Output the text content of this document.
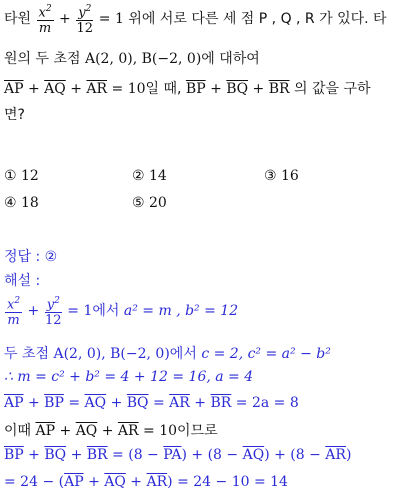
타원 $\frac{x^2}{m} + \frac{y^2}{12} = 1$ 위에 서로 다른 세 점 P , Q , R 가 있다. 타
원의 두 초점 A(2, 0), B(−2, 0)에 대하여
$\overline{AP} + \overline{AQ} + \overline{AR} = 10$일 때, $\overline{BP} + \overline{BQ} + \overline{BR}$ 의 값을 구하
면?
① 12	② 14	③ 16
④ 18	⑤ 20
정답 : ②
해설 :
$\frac{x^2}{m} + \frac{y^2}{12} = 1$에서 a² = m , b² = 12
두 초점 A(2, 0), B(−2, 0)에서 c = 2, c² = a² − b²
∴ m = c² + b² = 4 + 12 = 16, a = 4
$\overline{AP} + \overline{BP} = \overline{AQ} + \overline{BQ} = \overline{AR} + \overline{BR} = 2a = 8$
이때 $\overline{AP} + \overline{AQ} + \overline{AR} = 10$이므로
$\overline{BP} + \overline{BQ} + \overline{BR} = (8 - \overline{PA}) + (8 - \overline{AQ}) + (8 - \overline{AR})$
= $24 - (\overline{AP} + \overline{AQ} + \overline{AR}) = 24 - 10 = 14$
